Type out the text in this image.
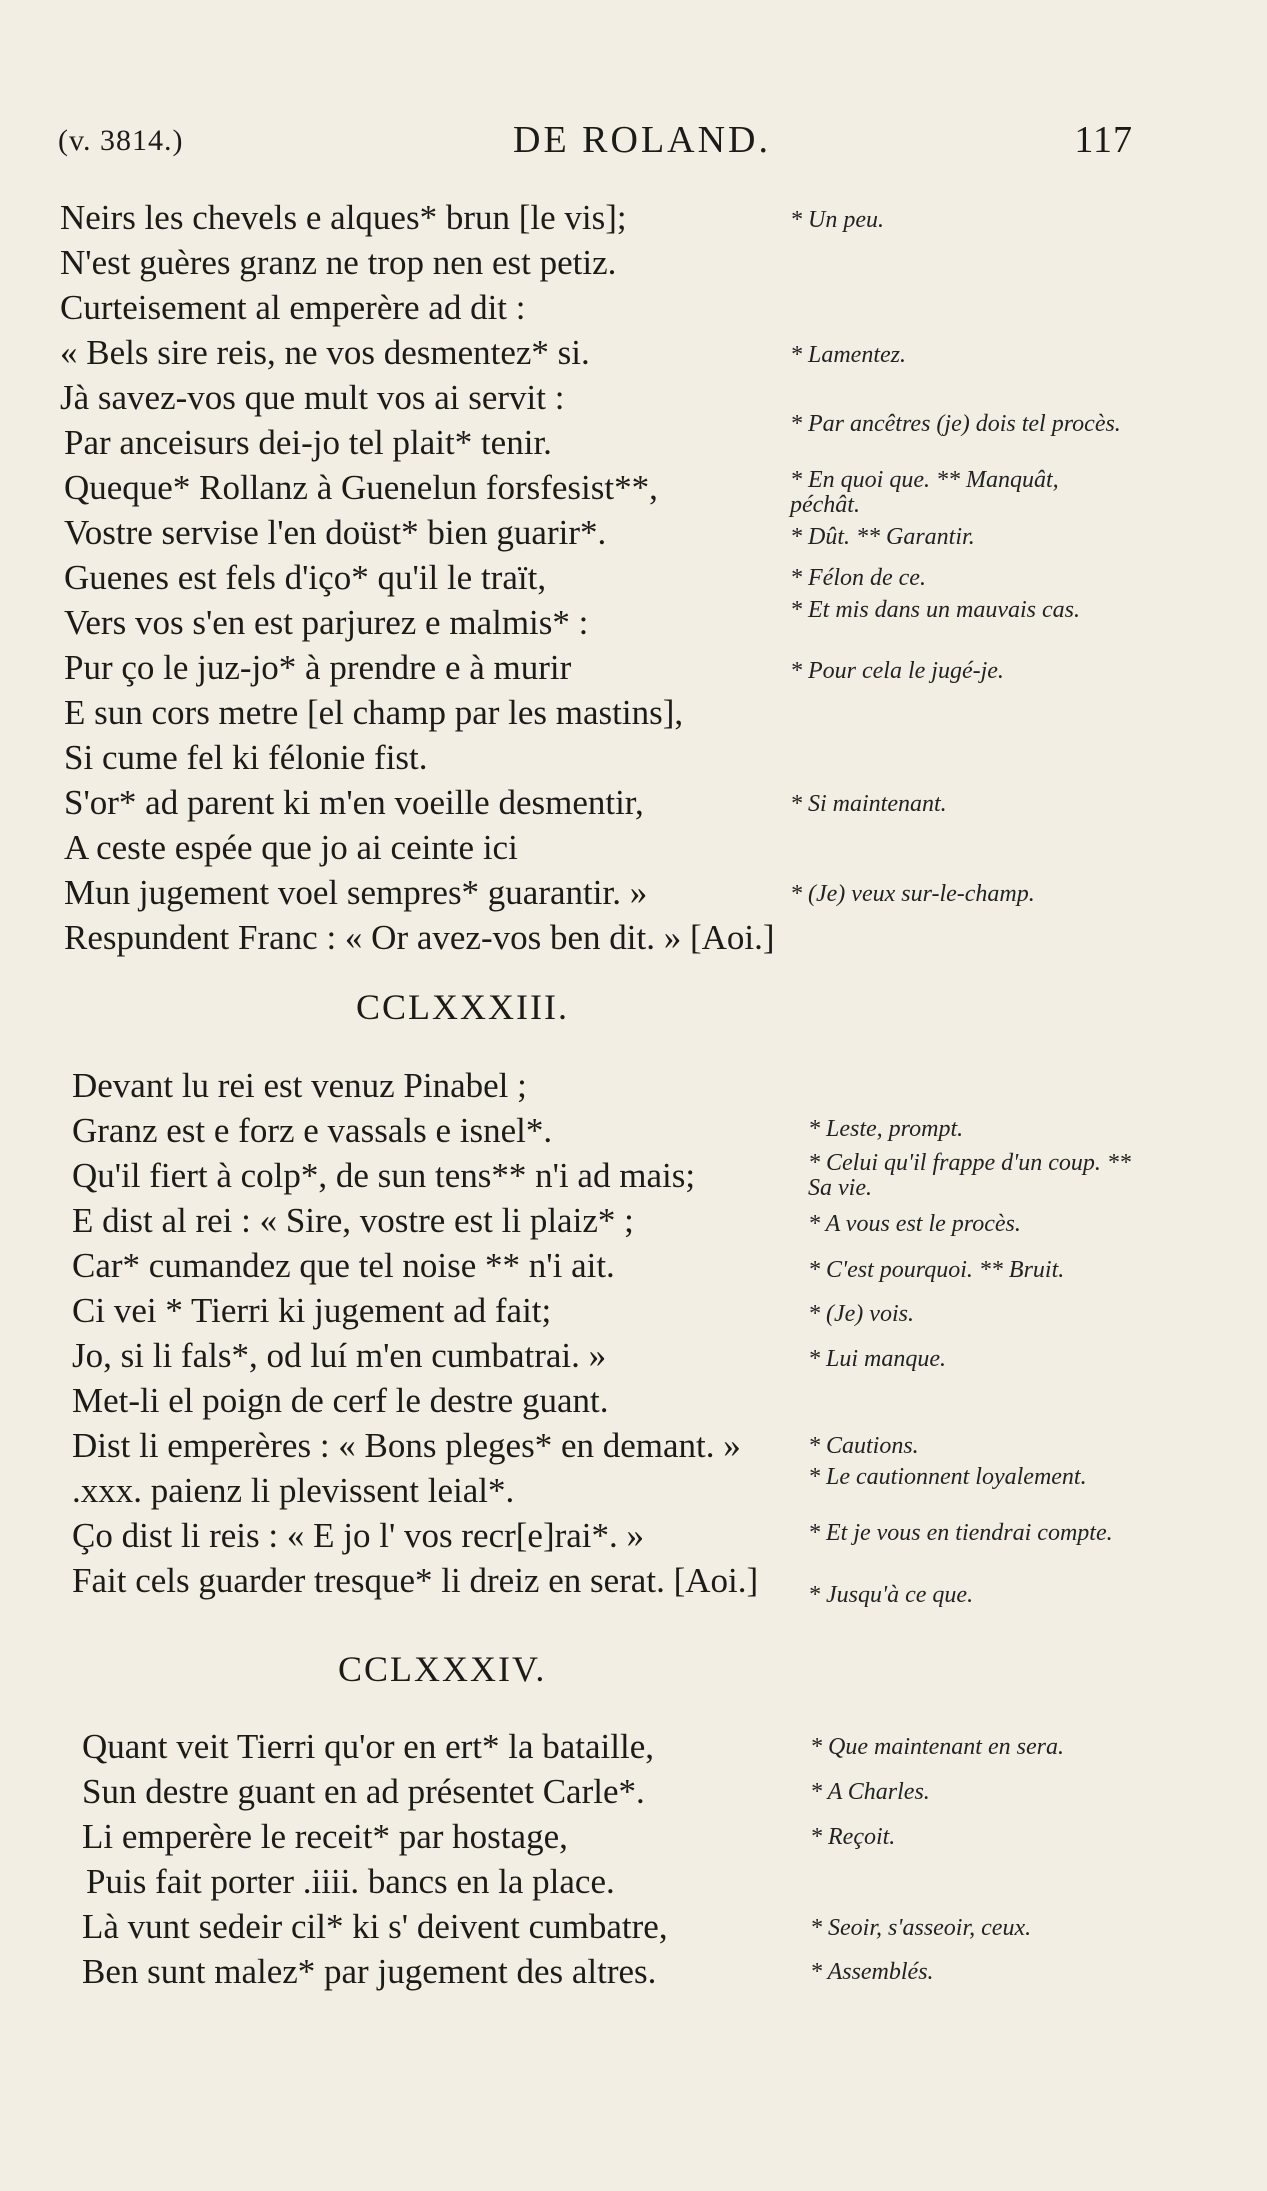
(v. 3814.)	DE ROLAND.	117
Neirs les chevels e alques* brun [le vis];
N'est guères granz ne trop nen est petiz.
Curteisement al emperère ad dit :
« Bels sire reis, ne vos desmentez* si.
Jà savez-vos que mult vos ai servit :
Par anceisurs dei-jo tel plait* tenir.
Queque* Rollanz à Guenelun forsfesist**,
Vostre servise l'en doüst* bien guarir*.
Guenes est fels d'içο* qu'il le traït,
Vers vos s'en est parjurez e malmis* :
Pur ço le juz-jo* à prendre e à murir
E sun cors metre [el champ par les mastins],
Si cume fel ki félonie fist.
S'or* ad parent ki m'en voeille desmentir,
A ceste espée que jo ai ceinte ici
Mun jugement voel sempres* guarantir. »
Respundent Franc : « Or avez-vos ben dit. » [Aoi.]
* Un peu.
* Lamentez.
* Par ancêtres (je) dois tel procès.
* En quoi que. ** Manquât, péchât.
* Dût. ** Garantir.
* Félon de ce.
* Et mis dans un mauvais cas.
* Pour cela le jugé-je.
* Si maintenant.
* (Je) veux sur-le-champ.
CCLXXXIII.
Devant lu rei est venuz Pinabel ;
Granz est e forz e vassals e isnel*.
Qu'il fiert à colp*, de sun tens** n'i ad mais;
E dist al rei : « Sire, vostre est li plaiz* ;
Car* cumandez que tel noise ** n'i ait.
Ci vei * Tierri ki jugement ad fait;
Jo, si li fals*, od luí m'en cumbatrai. »
Met-li el poign de cerf le destre guant.
Dist li emperères : « Bons pleges* en demant. »
.xxx. paienz li plevissent leial*.
Ço dist li reis : « E jo l' vos recr[e]rai*. »
Fait cels guarder tresque* li dreiz en serat. [Aoi.]
* Leste, prompt.
* Celui qu'il frappe d'un coup. ** Sa vie.
* A vous est le procès.
* C'est pourquoi. ** Bruit.
* (Je) vois.
* Lui manque.
* Cautions.
* Le cautionnent loyalement.
* Et je vous en tiendrai compte.
* Jusqu'à ce que.
CCLXXXIV.
Quant veit Tierri qu'or en ert* la bataille,
Sun destre guant en ad présentet Carle*.
Li emperère le receit* par hostage,
Puis fait porter .iiii. bancs en la place.
Là vunt sedeir cil* ki s' deivent cumbatre,
Ben sunt malez* par jugement des altres.
* Que maintenant en sera.
* A Charles.
* Reçoit.
* Seoir, s'asseoir, ceux.
* Assemblés.
